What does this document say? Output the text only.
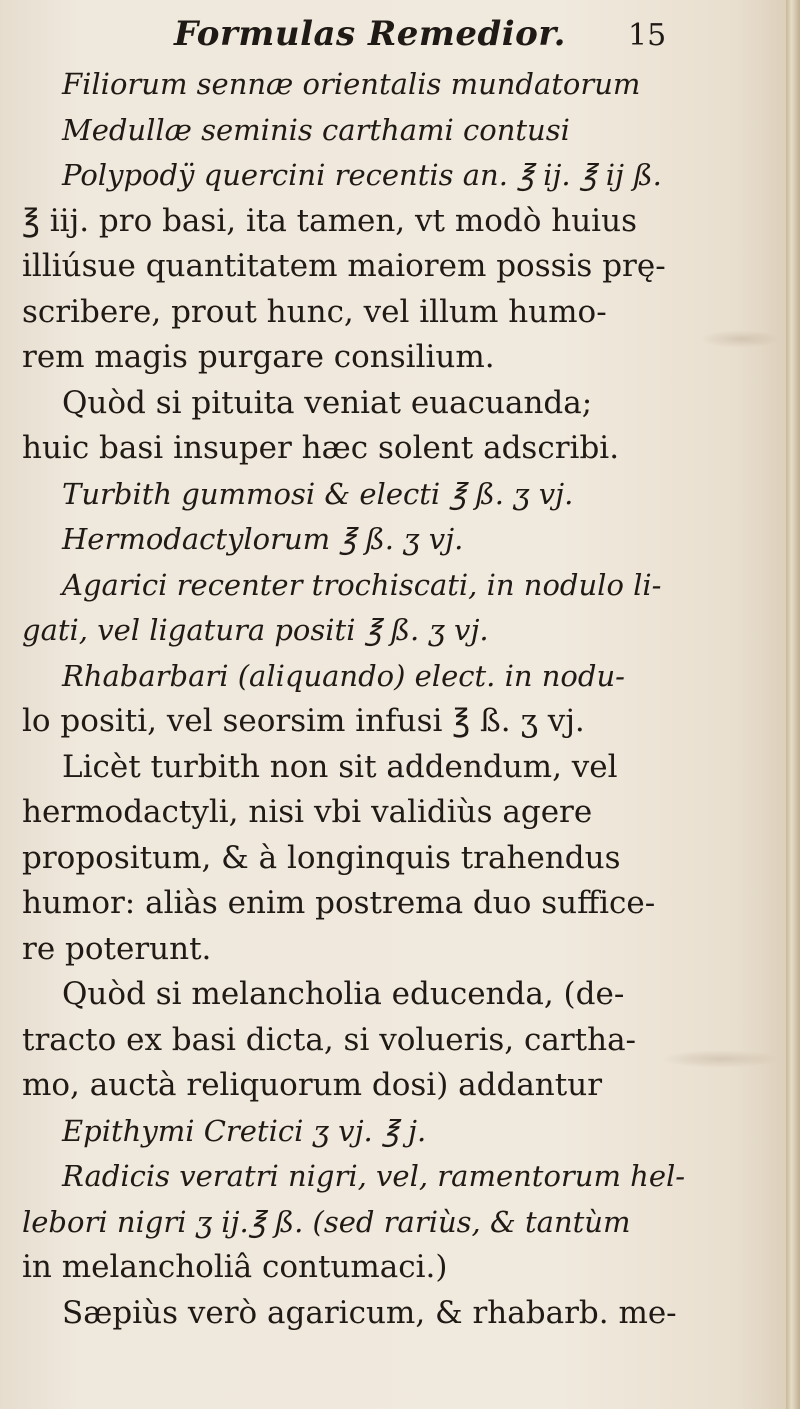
Formulas Remedior. 15
Filiorum sennæ orientalis mundatorum
Medullæ seminis carthami contusi
Polypodÿ quercini recentis an. ℥ ij. ℥ ij ß.
℥ iij. pro basi, ita tamen, vt modò huius
illiúsue quantitatem maiorem possis prę-
scribere, prout hunc, vel illum humo-
rem magis purgare consilium.
Quòd si pituita veniat euacuanda;
huic basi insuper hæc solent adscribi.
Turbith gummosi & electi ℥ ß. ʒ vj.
Hermodactylorum ℥ ß. ʒ vj.
Agarici recenter trochiscati, in nodulo li-
gati, vel ligatura positi ℥ ß. ʒ vj.
Rhabarbari (aliquando) elect. in nodu-
lo positi, vel seorsim infusi ℥ ß. ʒ vj.
Licèt turbith non sit addendum, vel
hermodactyli, nisi vbi validiùs agere
propositum, & à longinquis trahendus
humor: aliàs enim postrema duo suffice-
re poterunt.
Quòd si melancholia educenda, (de-
tracto ex basi dicta, si volueris, cartha-
mo, auctà reliquorum dosi) addantur
Epithymi Cretici ʒ vj. ℥ j.
Radicis veratri nigri, vel, ramentorum hel-
lebori nigri ʒ ij.℥ ß. (sed rariùs, & tantùm
in melancholiâ contumaci.)
Sæpiùs verò agaricum, & rhabarb. me-
